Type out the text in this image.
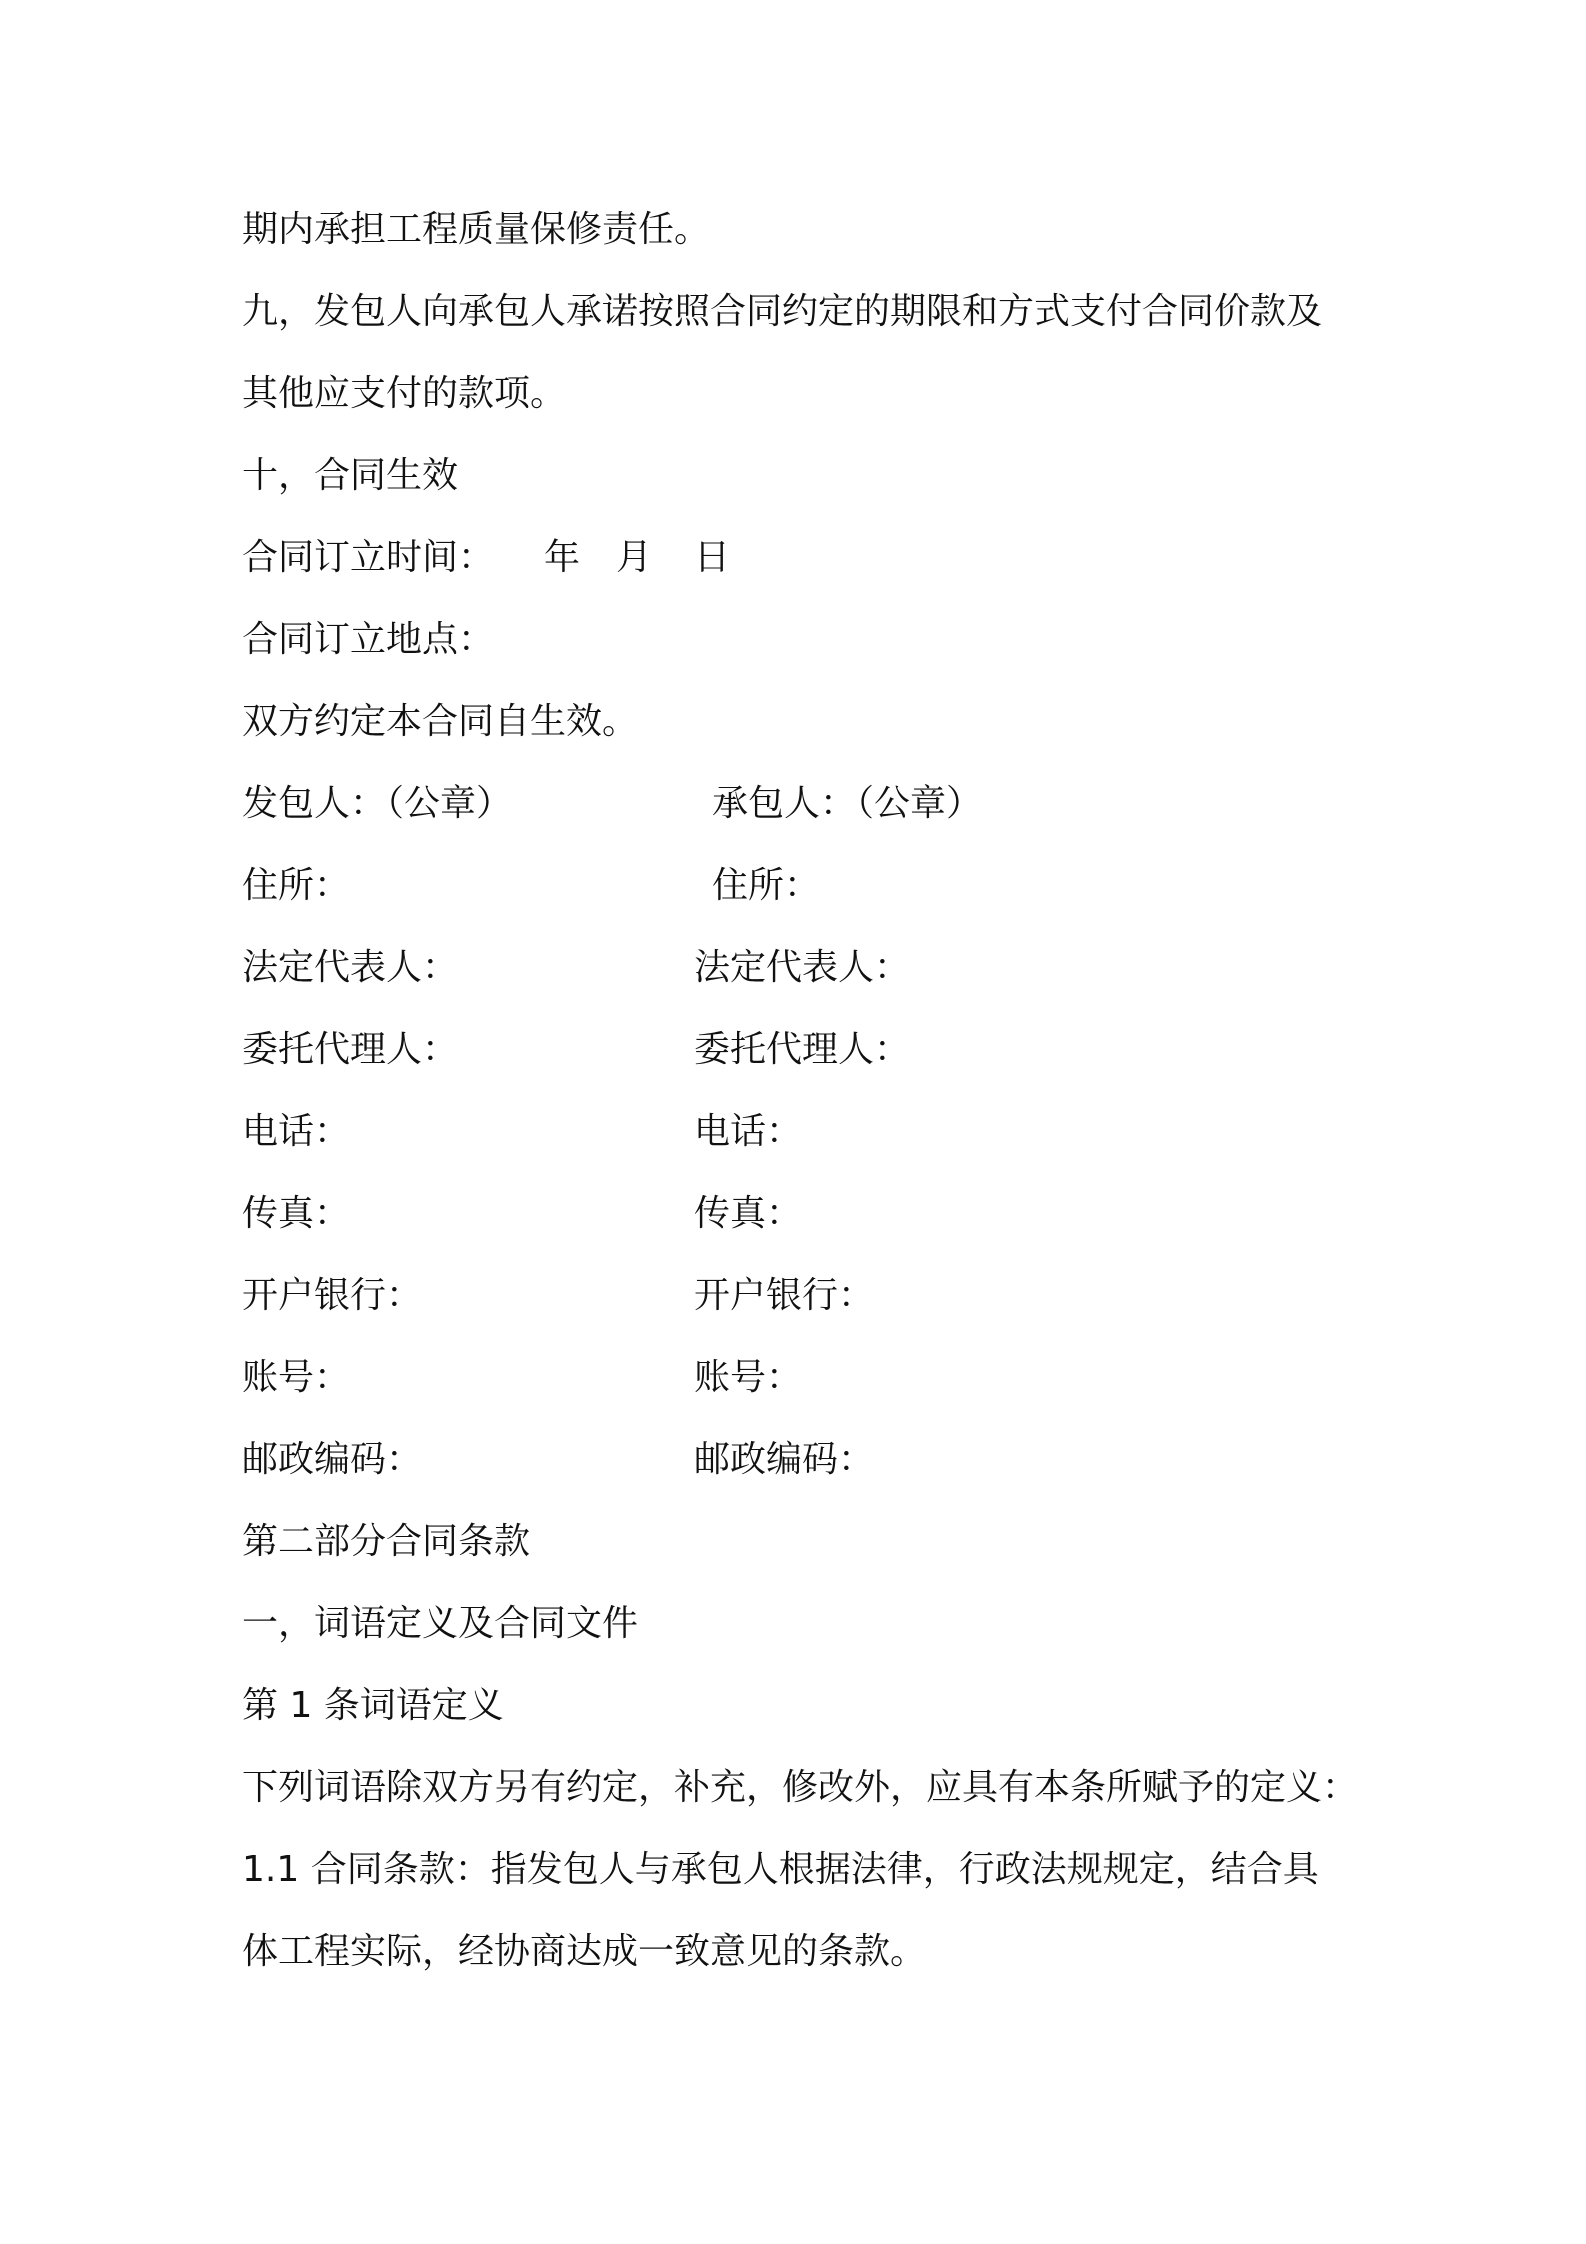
期内承担工程质量保修责任。
九，发包人向承包人承诺按照合同约定的期限和方式支付合同价款及
其他应支付的款项。
十，合同生效
合同订立时间： 年 月 日
合同订立地点：
双方约定本合同自生效。
发包人：（公章）	承包人：（公章）
住所：	住所：
法定代表人：	法定代表人：
委托代理人：	委托代理人：
电话：	电话：
传真：	传真：
开户银行：	开户银行：
账号：	账号：
邮政编码：	邮政编码：
第二部分合同条款
一，词语定义及合同文件
第 1 条词语定义
下列词语除双方另有约定，补充，修改外，应具有本条所赋予的定义：
1.1 合同条款：指发包人与承包人根据法律，行政法规规定，结合具
体工程实际，经协商达成一致意见的条款。
